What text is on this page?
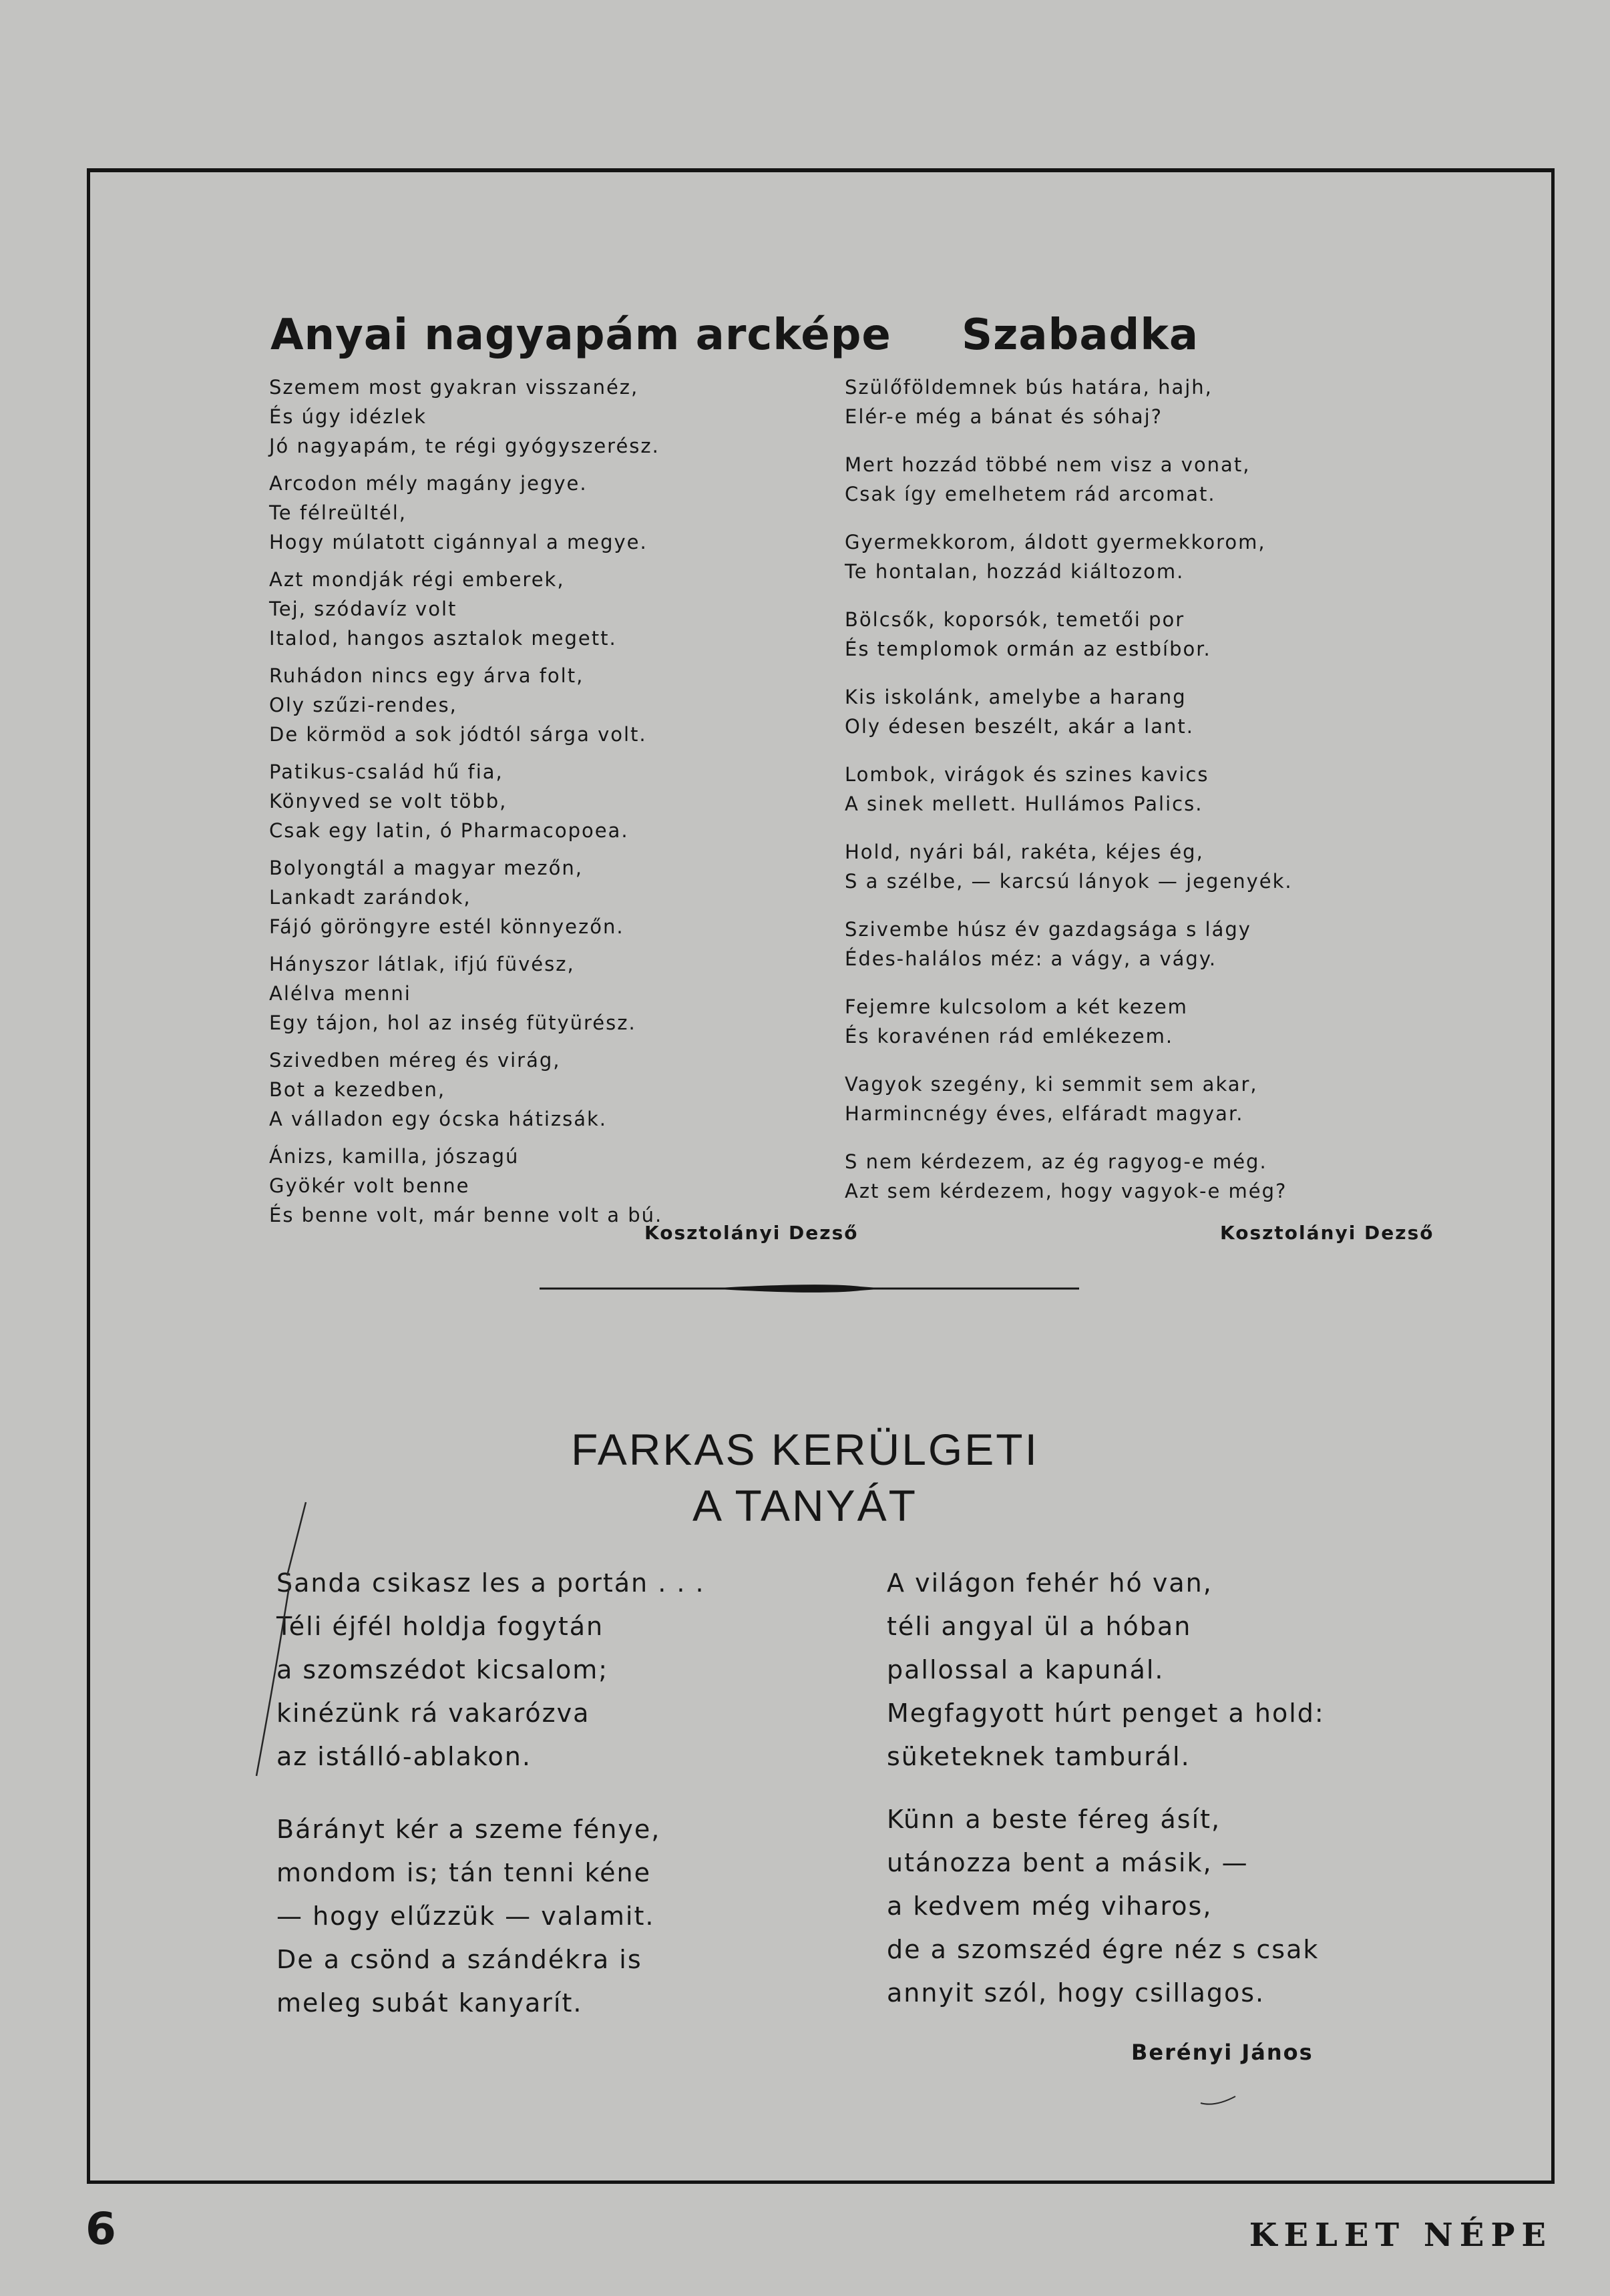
Anyai nagyapám arcképe
Szemem most gyakran visszanéz,
És úgy idézlek
Jó nagyapám, te régi gyógyszerész.
Arcodon mély magány jegye.
Te félreültél,
Hogy múlatott cigánnyal a megye.
Azt mondják régi emberek,
Tej, szódavíz volt
Italod, hangos asztalok megett.
Ruhádon nincs egy árva folt,
Oly szűzi-rendes,
De körmöd a sok jódtól sárga volt.
Patikus-család hű fia,
Könyved se volt több,
Csak egy latin, ó Pharmacopoea.
Bolyongtál a magyar mezőn,
Lankadt zarándok,
Fájó göröngyre estél könnyezőn.
Hányszor látlak, ifjú füvész,
Alélva menni
Egy tájon, hol az inség fütyürész.
Szivedben méreg és virág,
Bot a kezedben,
A válladon egy ócska hátizsák.
Ánizs, kamilla, jószagú
Gyökér volt benne
És benne volt, már benne volt a bú.

Kosztolányi Dezső

Szabadka
Szülőföldemnek bús határa, hajh,
Elér-e még a bánat és sóhaj?
Mert hozzád többé nem visz a vonat,
Csak így emelhetem rád arcomat.
Gyermekkorom, áldott gyermekkorom,
Te hontalan, hozzád kiáltozom.
Bölcsők, koporsók, temetői por
És templomok ormán az estbíbor.
Kis iskolánk, amelybe a harang
Oly édesen beszélt, akár a lant.
Lombok, virágok és szines kavics
A sinek mellett. Hullámos Palics.
Hold, nyári bál, rakéta, kéjes ég,
S a szélbe, — karcsú lányok — jegenyék.
Szivembe húsz év gazdagsága s lágy
Édes-halálos méz: a vágy, a vágy.
Fejemre kulcsolom a két kezem
És koravénen rád emlékezem.
Vagyok szegény, ki semmit sem akar,
Harmincnégy éves, elfáradt magyar.
S nem kérdezem, az ég ragyog-e még.
Azt sem kérdezem, hogy vagyok-e még?

Kosztolányi Dezső

FARKAS KERÜLGETI
A TANYÁT
Sanda csikasz les a portán . . .
Téli éjfél holdja fogytán
a szomszédot kicsalom;
kinézünk rá vakarózva
az istálló-ablakon.
Bárányt kér a szeme fénye,
mondom is; tán tenni kéne
— hogy elűzzük — valamit.
De a csönd a szándékra is
meleg subát kanyarít.
A világon fehér hó van,
téli angyal ül a hóban
pallossal a kapunál.
Megfagyott húrt penget a hold:
süketeknek tamburál.
Künn a beste féreg ásít,
utánozza bent a másik, —
a kedvem még viharos,
de a szomszéd égre néz s csak
annyit szól, hogy csillagos.

Berényi János

6	KELET NÉPE
